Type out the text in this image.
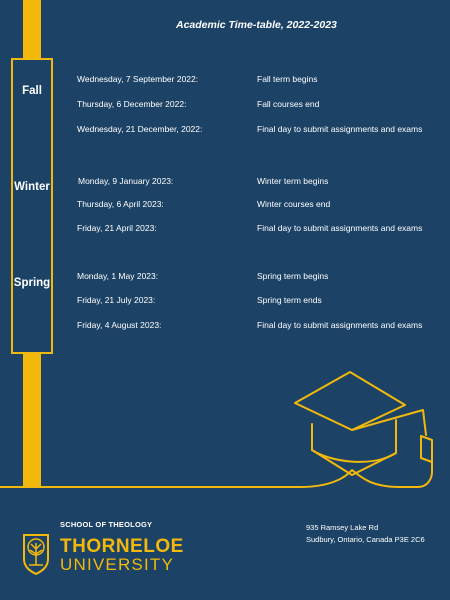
Fall
Winter
Spring
Academic Time-table, 2022-2023
Wednesday, 7 September 2022:	Fall term begins
Thursday, 6 December 2022:	Fall courses end
Wednesday, 21 December, 2022:	Final day to submit assignments and exams
Monday, 9 January 2023:	Winter term begins
Thursday, 6 April 2023:	Winter courses end
Friday, 21 April 2023:	Final day to submit assignments and exams
Monday, 1 May 2023:	Spring term begins
Friday, 21 July 2023:	Spring term ends
Friday, 4 August 2023:	Final day to submit assignments and exams
SCHOOL OF THEOLOGY
THORNELOE
UNIVERSITY
935 Ramsey Lake Rd
Sudbury, Ontario, Canada P3E 2C6
